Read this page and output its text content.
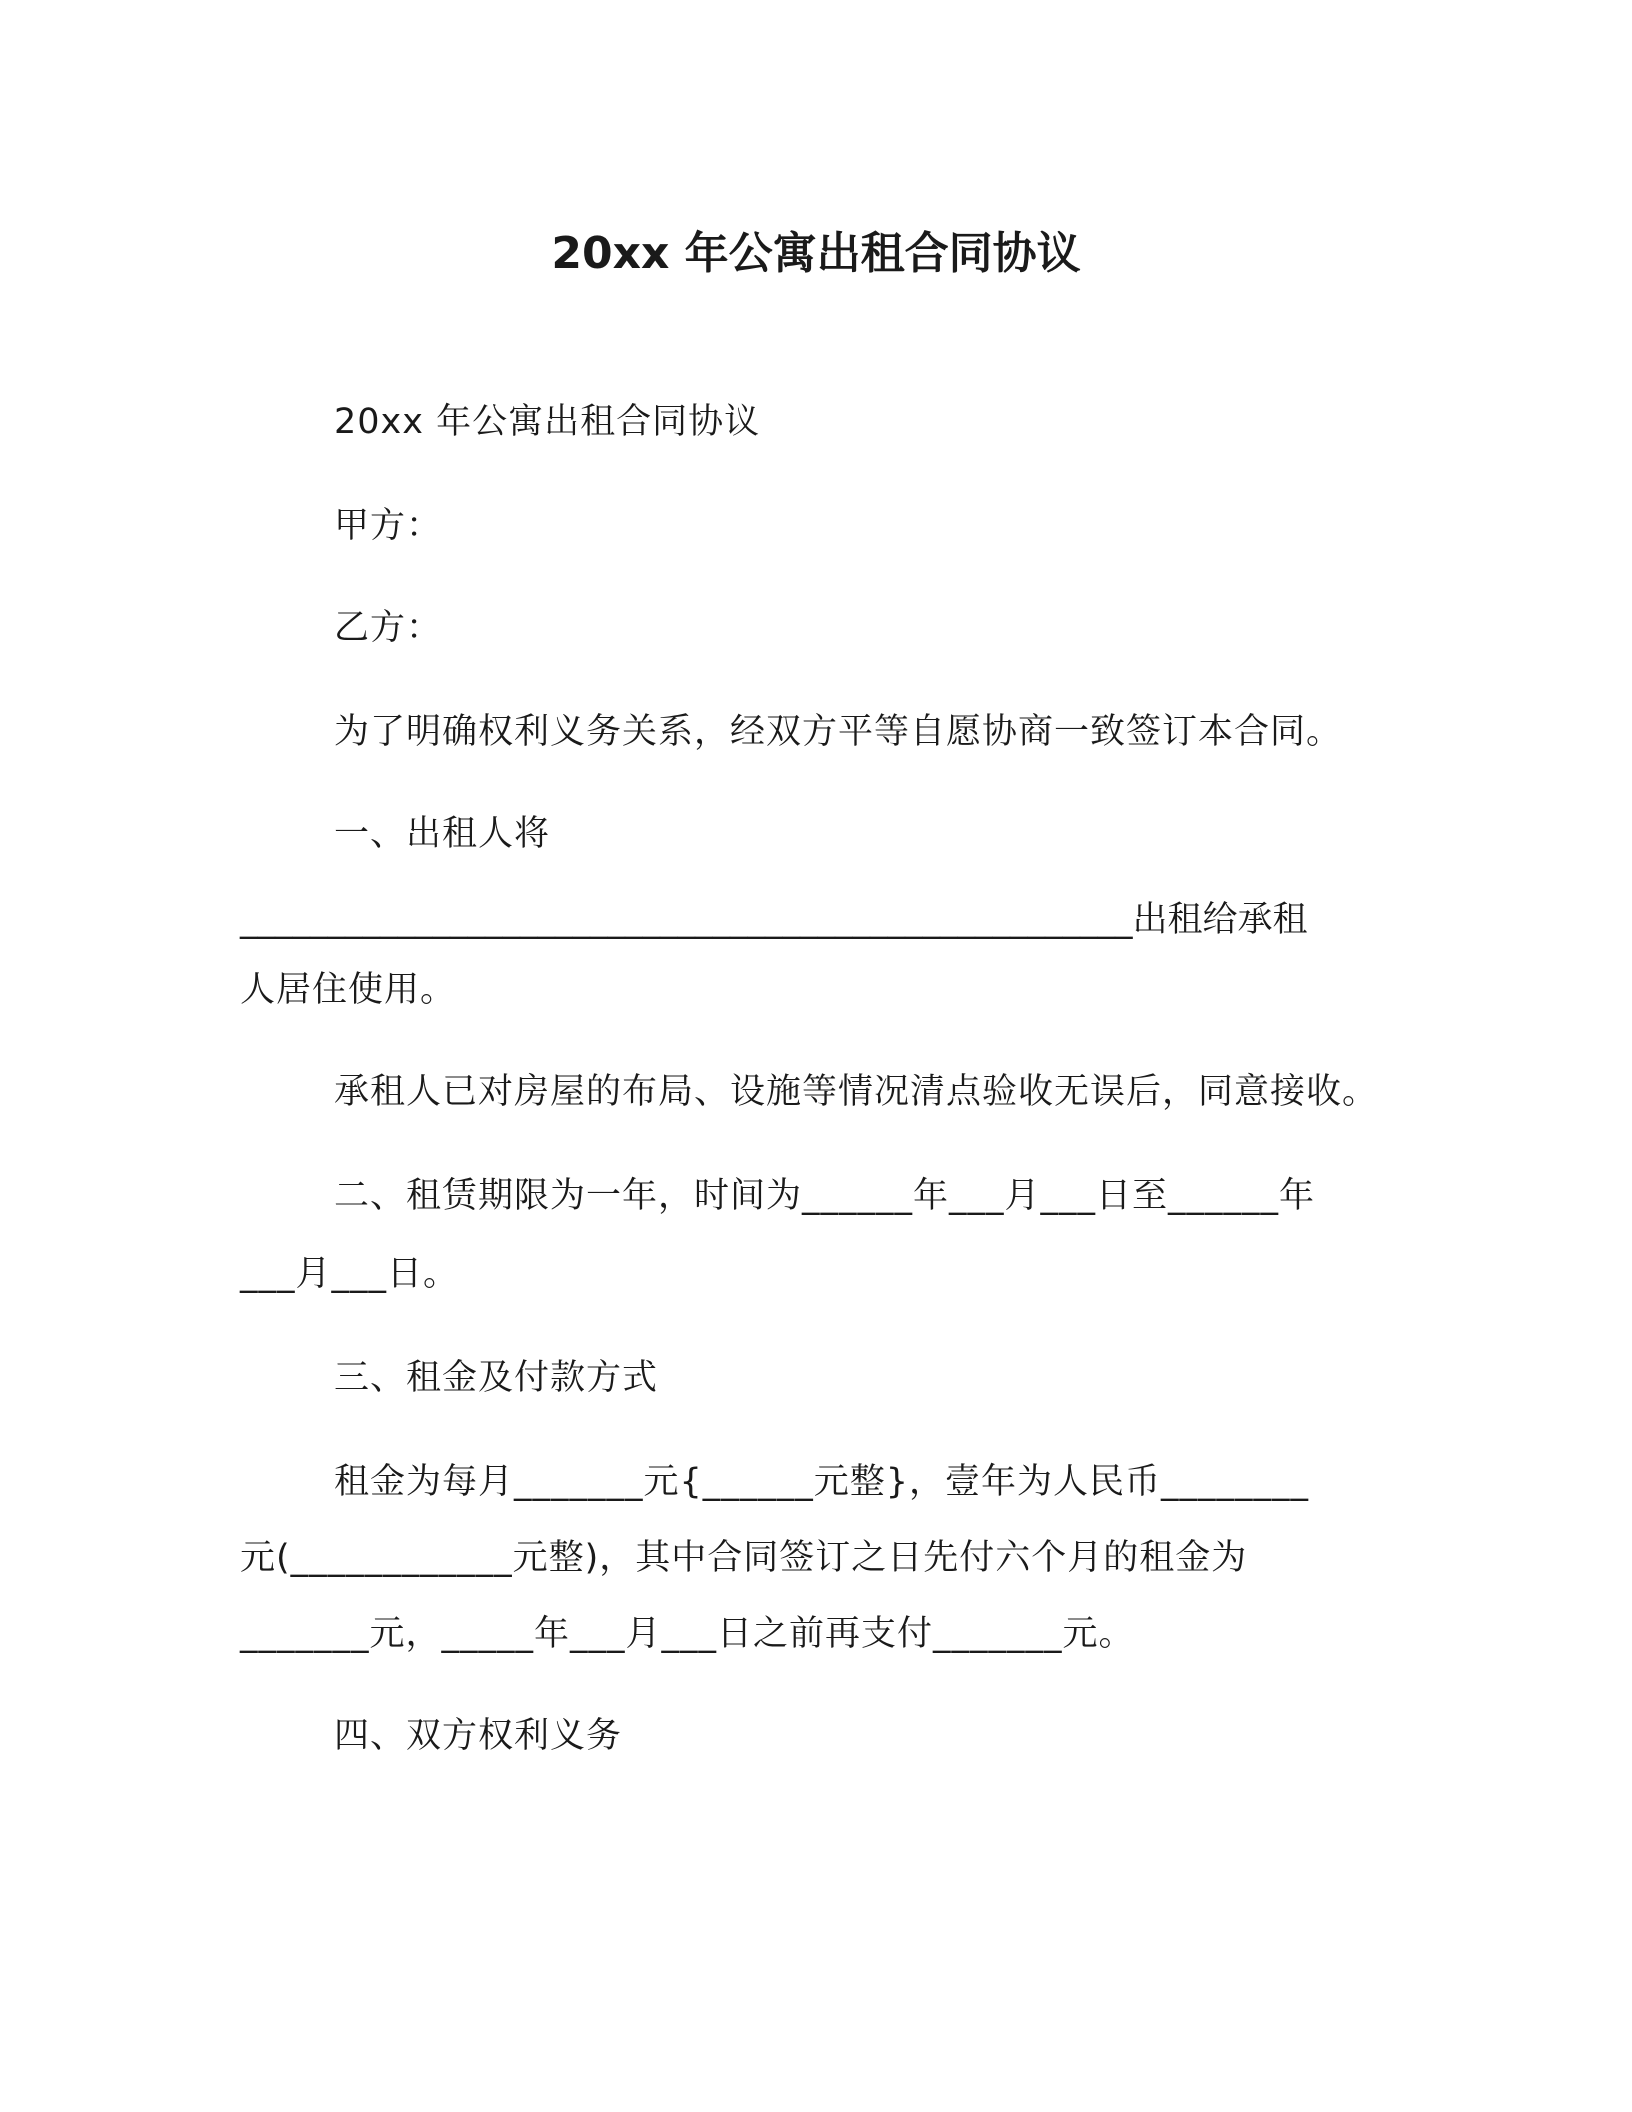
20xx 年公寓出租合同协议
20xx 年公寓出租合同协议
甲方：
乙方：
为了明确权利义务关系，经双方平等自愿协商一致签订本合同。
一、出租人将
___________________________________________________出租给承租
人居住使用。
承租人已对房屋的布局、设施等情况清点验收无误后，同意接收。
二、租赁期限为一年，时间为______年___月___日至______年
___月___日。
三、租金及付款方式
租金为每月_______元{______元整}，壹年为人民币________
元(____________元整)，其中合同签订之日先付六个月的租金为
_______元，_____年___月___日之前再支付_______元。
四、双方权利义务
